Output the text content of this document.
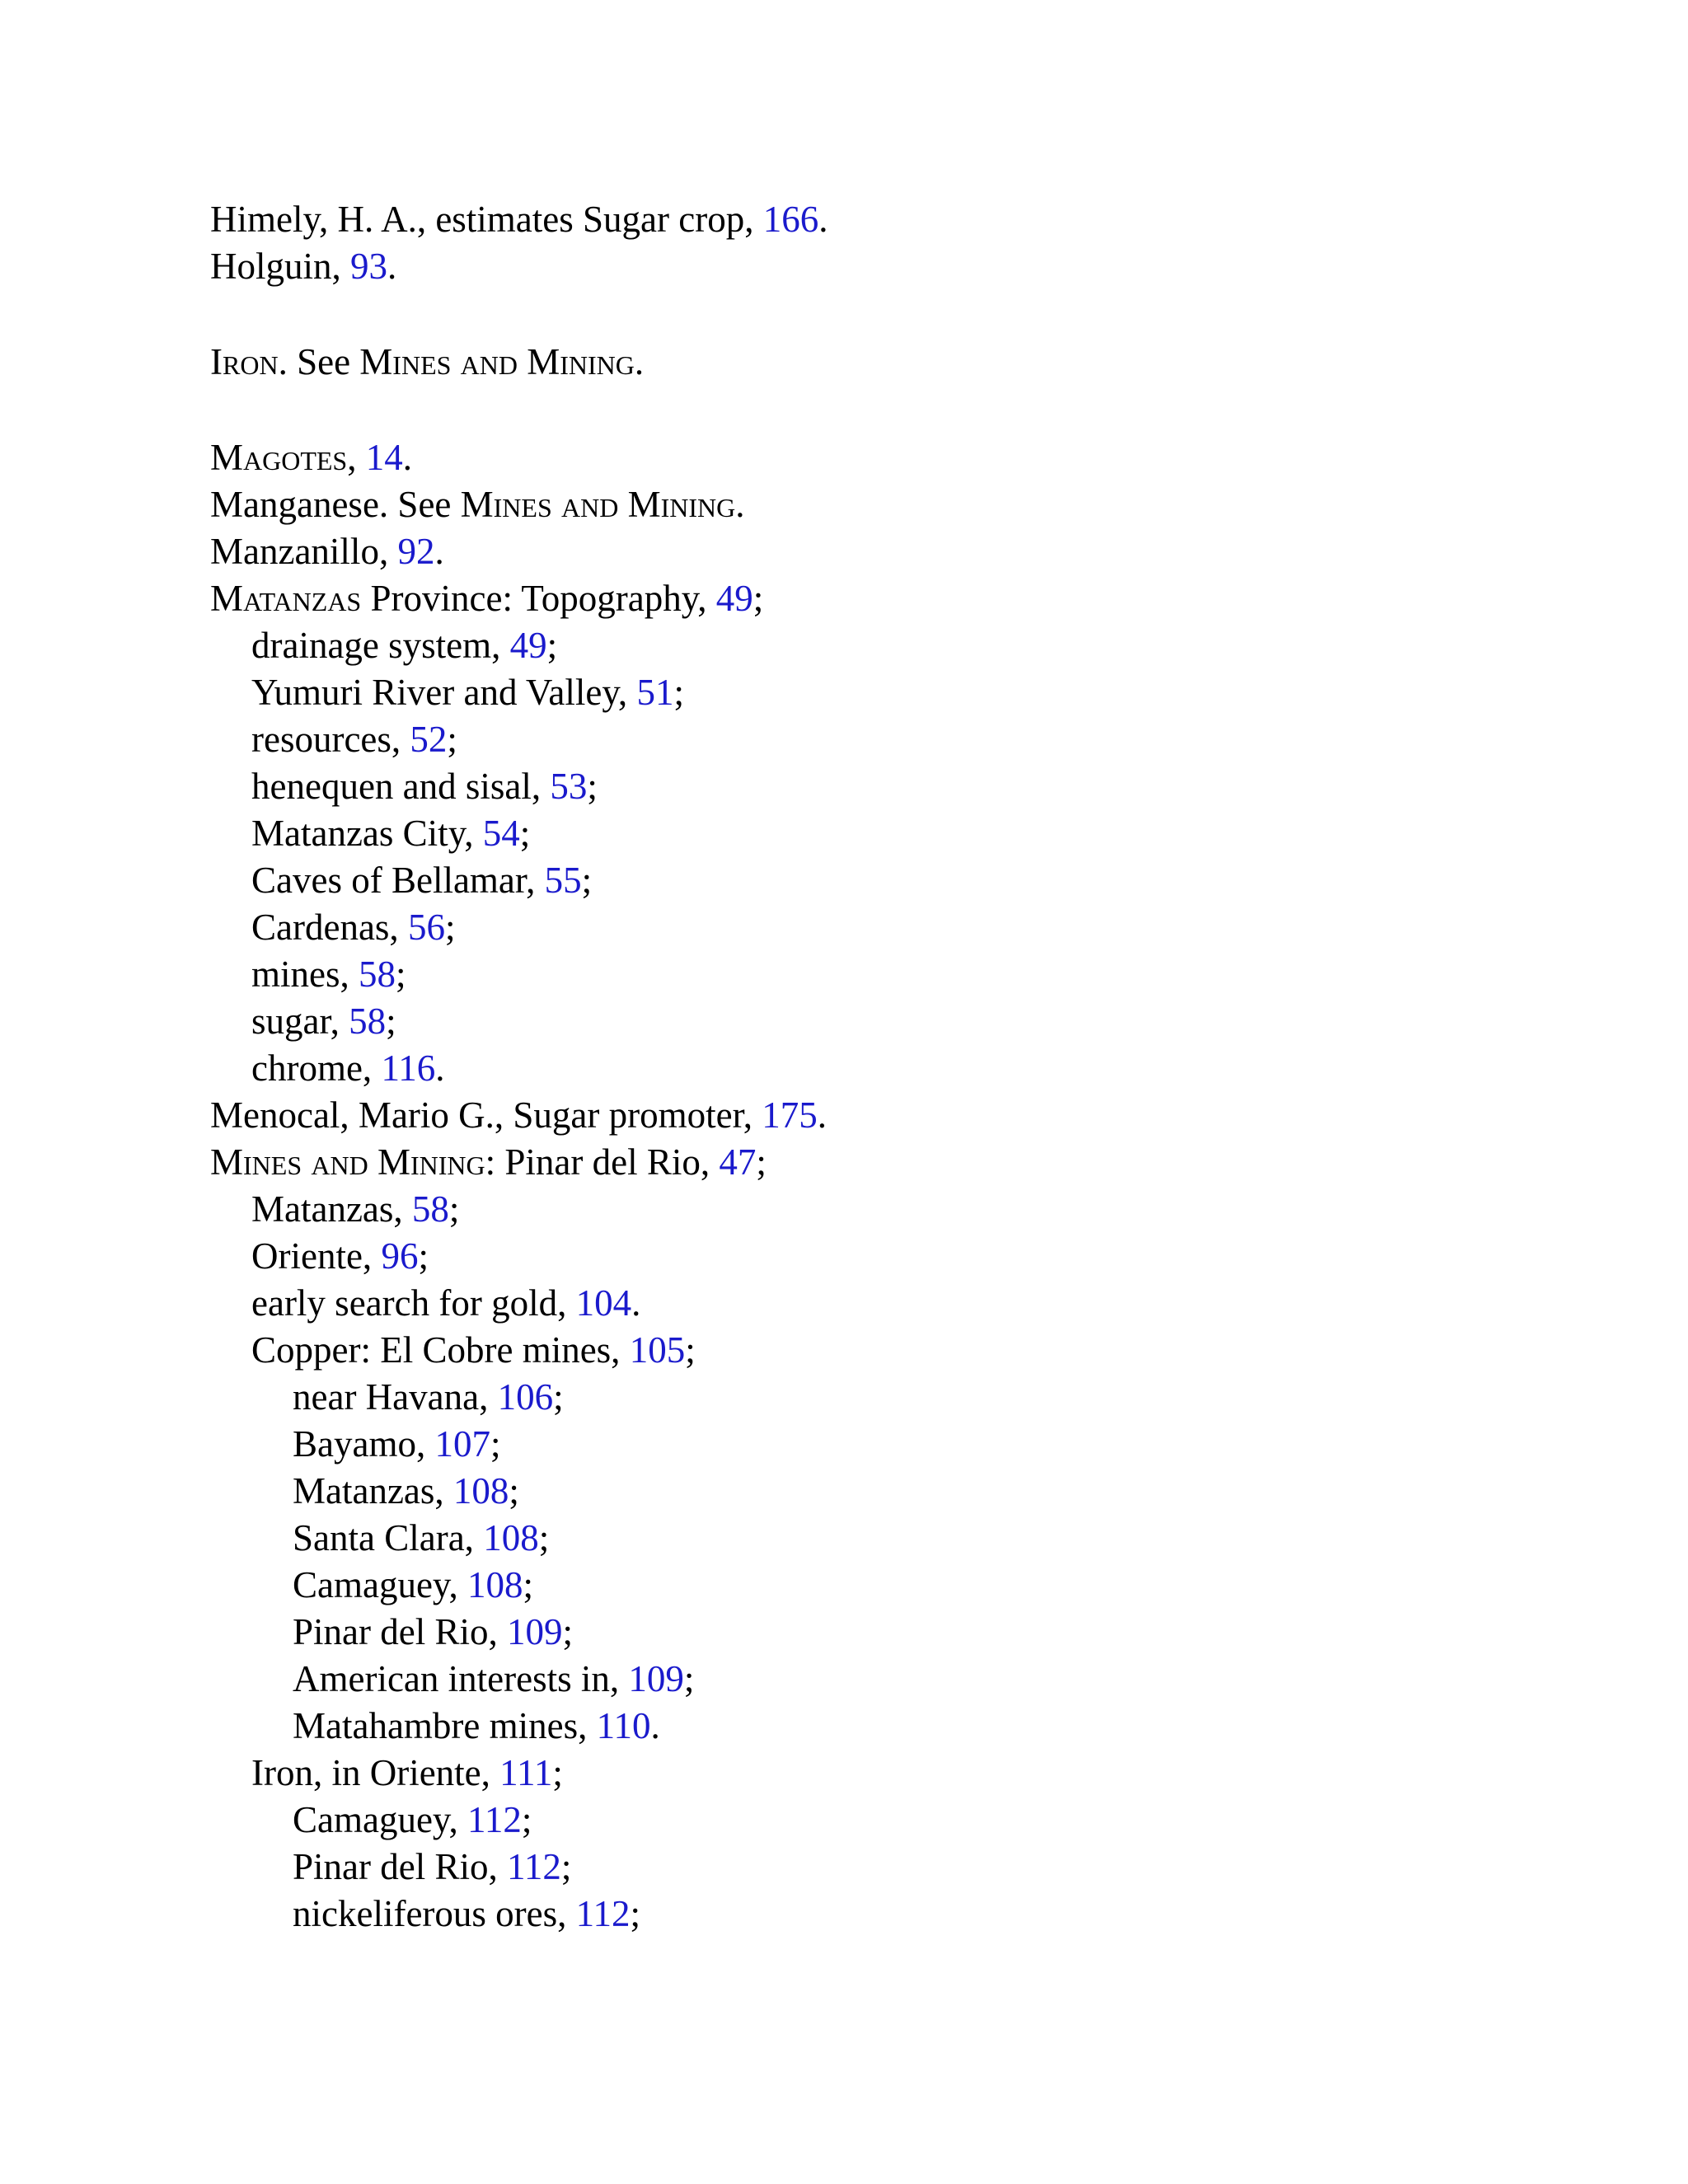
Himely, H. A., estimates Sugar crop, 166.
Holguin, 93.
Iron. See Mines and Mining.
Magotes, 14.
Manganese. See Mines and Mining.
Manzanillo, 92.
Matanzas Province: Topography, 49;
drainage system, 49;
Yumuri River and Valley, 51;
resources, 52;
henequen and sisal, 53;
Matanzas City, 54;
Caves of Bellamar, 55;
Cardenas, 56;
mines, 58;
sugar, 58;
chrome, 116.
Menocal, Mario G., Sugar promoter, 175.
Mines and Mining: Pinar del Rio, 47;
Matanzas, 58;
Oriente, 96;
early search for gold, 104.
Copper: El Cobre mines, 105;
near Havana, 106;
Bayamo, 107;
Matanzas, 108;
Santa Clara, 108;
Camaguey, 108;
Pinar del Rio, 109;
American interests in, 109;
Matahambre mines, 110.
Iron, in Oriente, 111;
Camaguey, 112;
Pinar del Rio, 112;
nickeliferous ores, 112;
